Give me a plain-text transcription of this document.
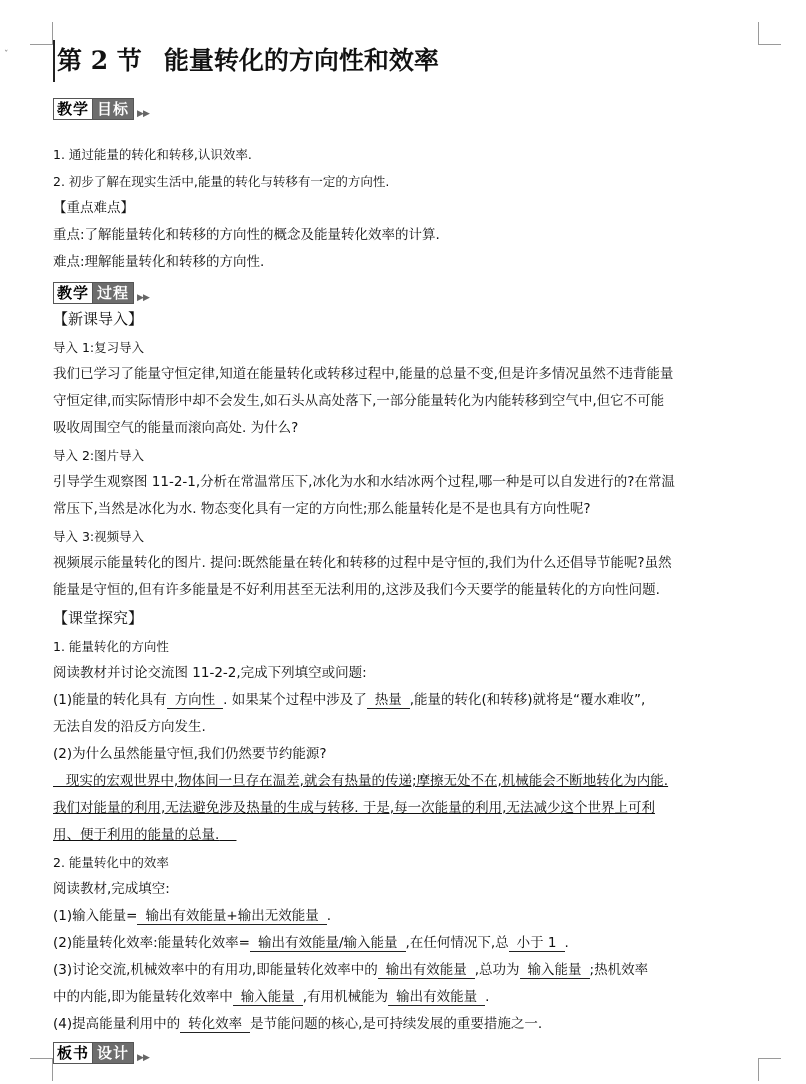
ˇ 第 2 节 能量转化的方向性和效率
教学 目标 ▶▶
1. 通过能量的转化和转移,认识效率.
2. 初步了解在现实生活中,能量的转化与转移有一定的方向性.
【重点难点】
重点:了解能量转化和转移的方向性的概念及能量转化效率的计算.
难点:理解能量转化和转移的方向性.
教学 过程 ▶▶
【新课导入】
导入 1:复习导入
我们已学习了能量守恒定律,知道在能量转化或转移过程中,能量的总量不变,但是许多情况虽然不违背能量
守恒定律,而实际情形中却不会发生,如石头从高处落下,一部分能量转化为内能转移到空气中,但它不可能
吸收周围空气的能量而滚向高处. 为什么?
导入 2:图片导入
引导学生观察图 11-2-1,分析在常温常压下,冰化为水和水结冰两个过程,哪一种是可以自发进行的?在常温
常压下,当然是冰化为水. 物态变化具有一定的方向性;那么能量转化是不是也具有方向性呢?
导入 3:视频导入
视频展示能量转化的图片. 提问:既然能量在转化和转移的过程中是守恒的,我们为什么还倡导节能呢?虽然
能量是守恒的,但有许多能量是不好利用甚至无法利用的,这涉及我们今天要学的能量转化的方向性问题.
【课堂探究】
1. 能量转化的方向性
阅读教材并讨论交流图 11-2-2,完成下列填空或问题:
(1)能量的转化具有 方向性 . 如果某个过程中涉及了 热量 ,能量的转化(和转移)就将是“覆水难收”,
无法自发的沿反方向发生.
(2)为什么虽然能量守恒,我们仍然要节约能源?
现实的宏观世界中,物体间一旦存在温差,就会有热量的传递;摩擦无处不在,机械能会不断地转化为内能.
我们对能量的利用,无法避免涉及热量的生成与转移. 于是,每一次能量的利用,无法减少这个世界上可利
用、便于利用的能量的总量.
2. 能量转化中的效率
阅读教材,完成填空:
(1)输入能量= 输出有效能量+输出无效能量 .
(2)能量转化效率:能量转化效率= 输出有效能量/输入能量 ,在任何情况下,总 小于 1 .
(3)讨论交流,机械效率中的有用功,即能量转化效率中的 输出有效能量 ,总功为 输入能量 ;热机效率
中的内能,即为能量转化效率中 输入能量 ,有用机械能为 输出有效能量 .
(4)提高能量利用中的 转化效率 是节能问题的核心,是可持续发展的重要措施之一.
板书 设计 ▶▶
